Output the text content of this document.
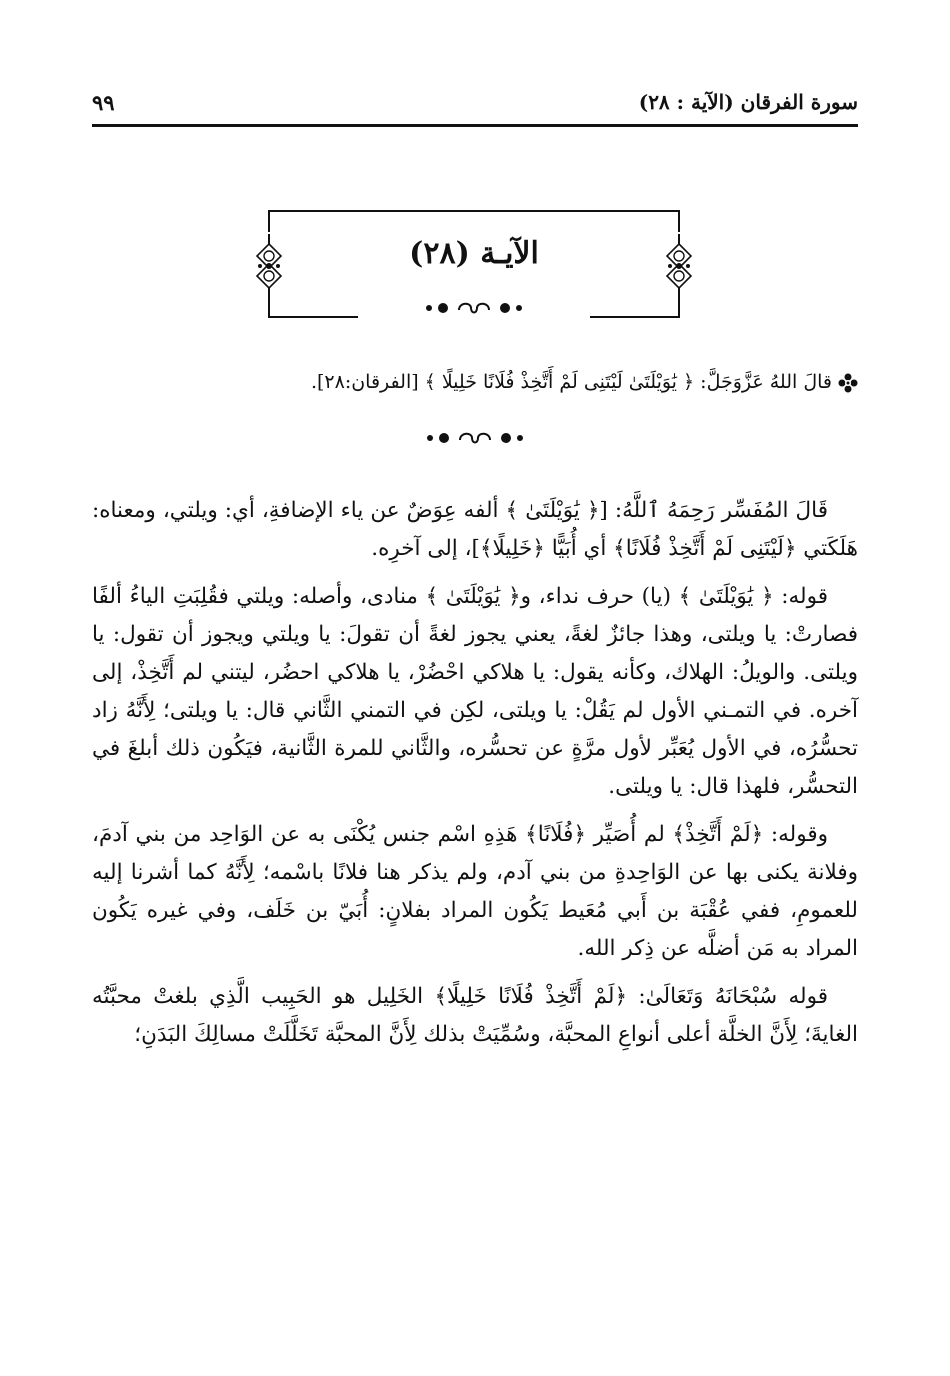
سورة الفرقان (الآية : ٢٨)
٩٩
الآيـة (٢٨)
قالَ اللهُ عَزَّوَجَلَّ: ﴿ يَٰوَيْلَتَىٰ لَيْتَنِى لَمْ أَتَّخِذْ فُلَانًا خَلِيلًا ﴾ [الفرقان:٢٨].

قَالَ المُفَسِّر رَحِمَهُ ٱللَّهُ: [﴿ يَٰوَيْلَتَىٰ ﴾ ألفه عِوَضٌ عن ياء الإضافةِ، أي: ويلتي، ومعناه: هَلَكَتي ﴿لَيْتَنِى لَمْ أَتَّخِذْ فُلَانًا﴾ أي أُبَيًّا ﴿خَلِيلًا﴾]، إلى آخرِه.

قوله: ﴿ يَٰوَيْلَتَىٰ ﴾ (يا) حرف نداء، و﴿ يَٰوَيْلَتَىٰ ﴾ منادى، وأصله: ويلتي فقُلِبَتِ الياءُ ألفًا فصارتْ: يا ويلتى، وهذا جائزٌ لغةً، يعني يجوز لغةً أن تقولَ: يا ويلتي ويجوز أن تقول: يا ويلتى. والويلُ: الهلاك، وكأنه يقول: يا هلاكي احْضُرْ، يا هلاكي احضُر، ليتني لم أَتَّخِذْ، إلى آخره. في التمـني الأول لم يَقُلْ: يا ويلتى، لكِن في التمني الثَّاني قال: يا ويلتى؛ لِأَنَّهُ زاد تحسُّرُه، في الأول يُعَبِّر لأول مرَّةٍ عن تحسُّره، والثَّاني للمرة الثَّانية، فيَكُون ذلك أبلغَ في التحسُّر، فلهذا قال: يا ويلتى.

وقوله: ﴿لَمْ أَتَّخِذْ﴾ لم أُصَيِّر ﴿فُلَانًا﴾ هَذِهِ اسْم جنس يُكْنَى به عن الوَاحِد من بني آدمَ، وفلانة يكنى بها عن الوَاحِدةِ من بني آدم، ولم يذكر هنا فلانًا باسْمه؛ لِأَنَّهُ كما أشرنا إليه للعمومِ، ففي عُقْبَة بن أَبي مُعَيط يَكُون المراد بفلانٍ: أُبَيّ بن خَلَف، وفي غيره يَكُون المراد به مَن أضلَّه عن ذِكر الله.

قوله سُبْحَانَهُ وَتَعَالَىٰ: ﴿لَمْ أَتَّخِذْ فُلَانًا خَلِيلًا﴾ الخَلِيل هو الحَبِيب الَّذِي بلغتْ محبَّتُه الغايةَ؛ لِأَنَّ الخلَّة أعلى أنواعِ المحبَّة، وسُمِّيَتْ بذلك لِأَنَّ المحبَّة تَخَلَّلَتْ مسالِكَ البَدَنِ؛
